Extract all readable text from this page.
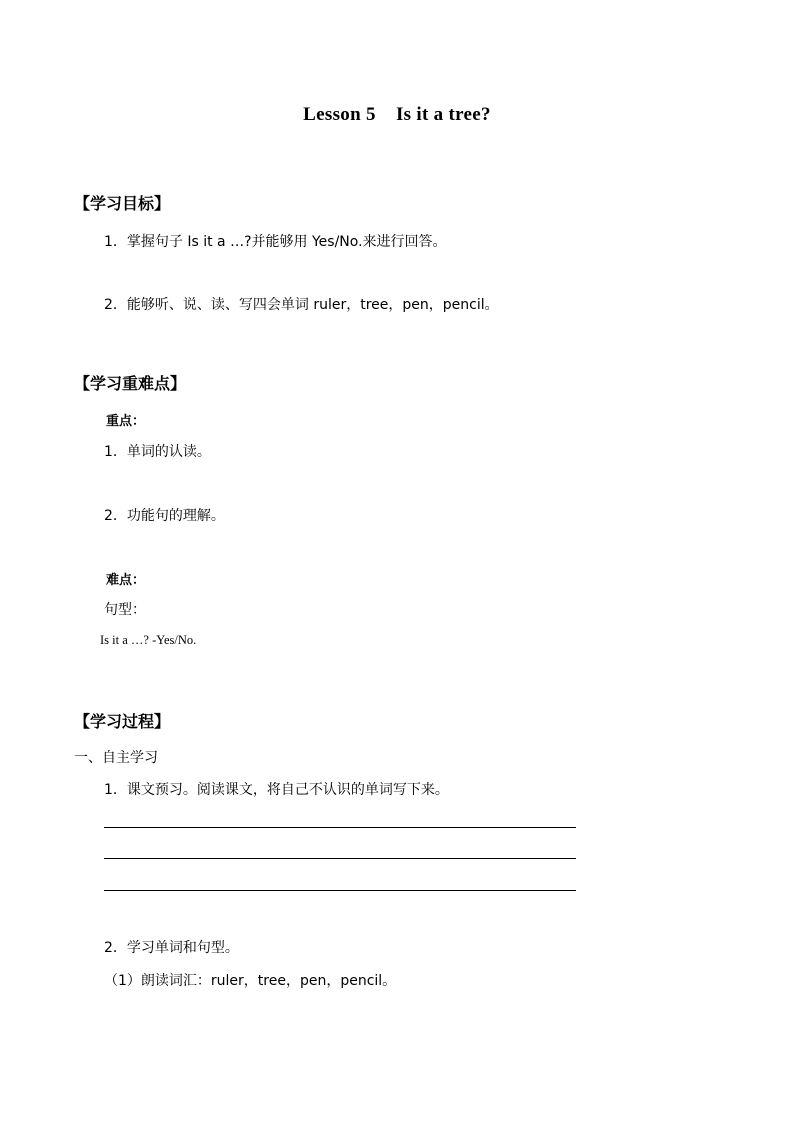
Lesson 5    Is it a tree?
【学习目标】
1．掌握句子 Is it a …?并能够用 Yes/No.来进行回答。
2．能够听、说、读、写四会单词 ruler，tree，pen，pencil。
【学习重难点】
重点：
1．单词的认读。
2．功能句的理解。
难点：
句型：
Is it a …? -Yes/No.
【学习过程】
一、自主学习
1．课文预习。阅读课文，将自己不认识的单词写下来。
2．学习单词和句型。
（1）朗读词汇：ruler，tree，pen，pencil。
